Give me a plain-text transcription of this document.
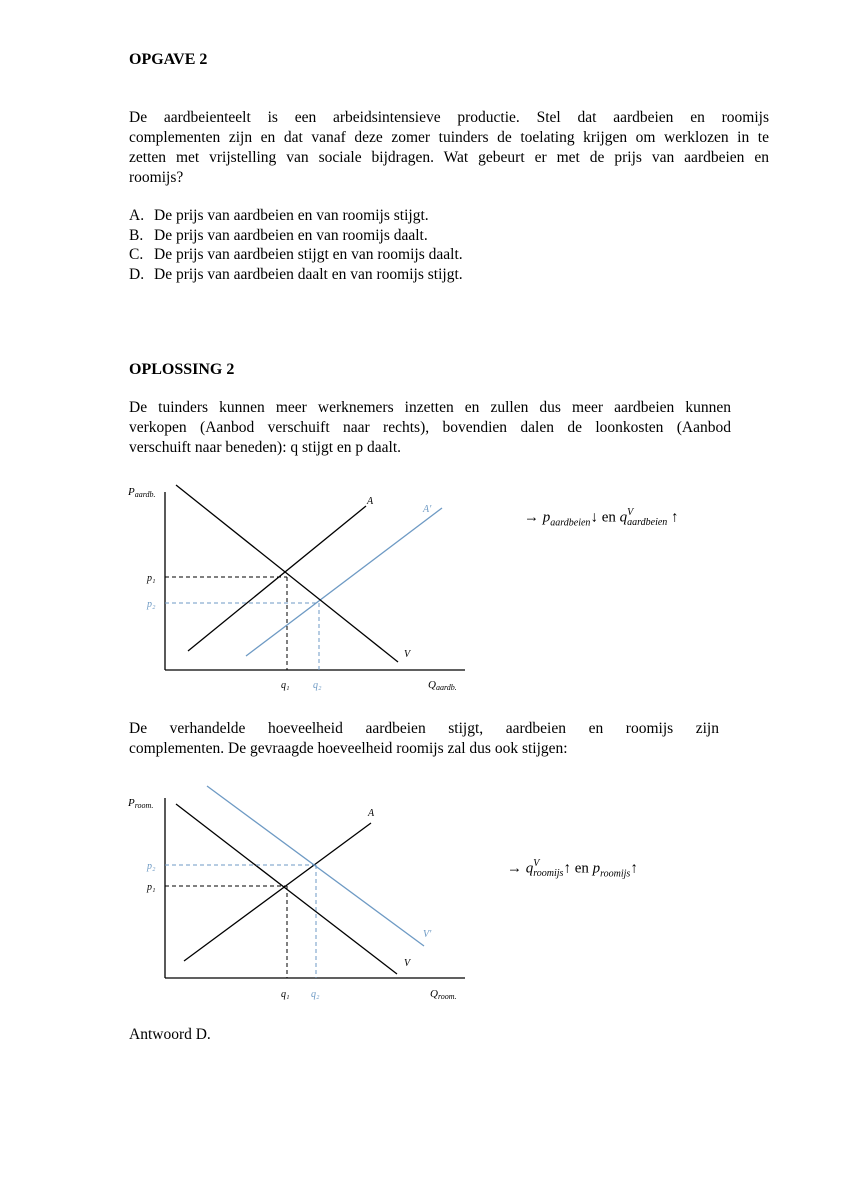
OPGAVE 2
De aardbeienteelt is een arbeidsintensieve productie. Stel dat aardbeien en roomijs
complementen zijn en dat vanaf deze zomer tuinders de toelating krijgen om werklozen in te
zetten met vrijstelling van sociale bijdragen. Wat gebeurt er met de prijs van aardbeien en
roomijs?
A. De prijs van aardbeien en van roomijs stijgt.
B. De prijs van aardbeien en van roomijs daalt.
C. De prijs van aardbeien stijgt en van roomijs daalt.
D. De prijs van aardbeien daalt en van roomijs stijgt.
OPLOSSING 2
De tuinders kunnen meer werknemers inzetten en zullen dus meer aardbeien kunnen
verkopen (Aanbod verschuift naar rechts), bovendien dalen de loonkosten (Aanbod
verschuift naar beneden): q stijgt en p daalt.
Paardb.
Qaardb.
A
A'
V
p₁
p₂
q₁ q₂
→ $p_{aardbeien}↓$ en q V
aardbeien ↑
De verhandelde hoeveelheid aardbeien stijgt, aardbeien en roomijs zijn
complementen. De gevraagde hoeveelheid roomijs zal dus ook stijgen:
Proom.
Qroom.
A
V
V'
p₁
p₂
q₁ q₂
→ q V
roomijs ↑ en $p_{roomijs}↑$
Antwoord D.
